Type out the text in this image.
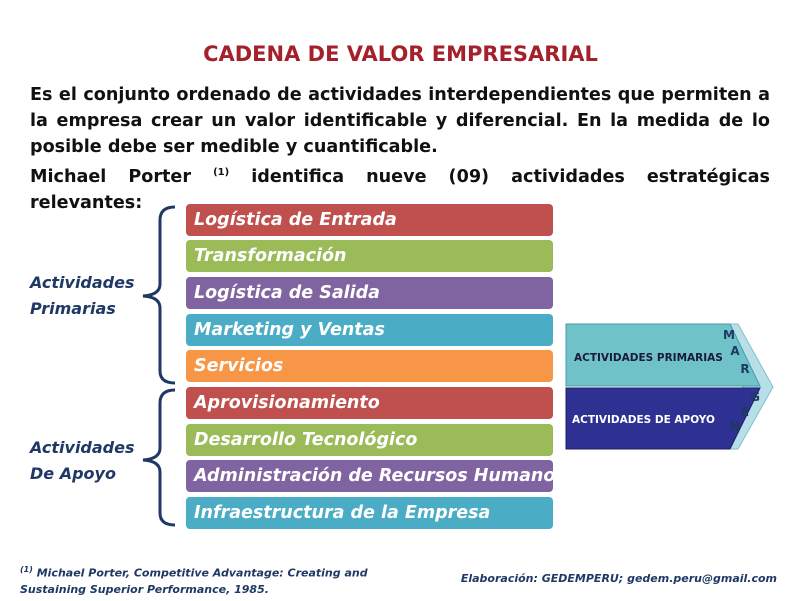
CADENA DE VALOR EMPRESARIAL

Es el conjunto ordenado de actividades interdependientes que permiten a la empresa crear un valor identificable y diferencial. En la medida de lo posible debe ser medible y cuantificable.

Michael Porter $^{(1)}$ identifica nueve (09) actividades estratégicas relevantes:

Actividades
Primarias
Actividades
De Apoyo
Logística de Entrada
Transformación
Logística de Salida
Marketing y Ventas
Servicios
Aprovisionamiento
Desarrollo Tecnológico
Administración de Recursos Humanos
Infraestructura de la Empresa
ACTIVIDADES PRIMARIAS
ACTIVIDADES DE APOYO
M
A
R
G
E
N
$^{(1)}$ Michael Porter, Competitive Advantage: Creating and Sustaining Superior Performance, 1985.
Elaboración: GEDEMPERU; gedem.peru@gmail.com
